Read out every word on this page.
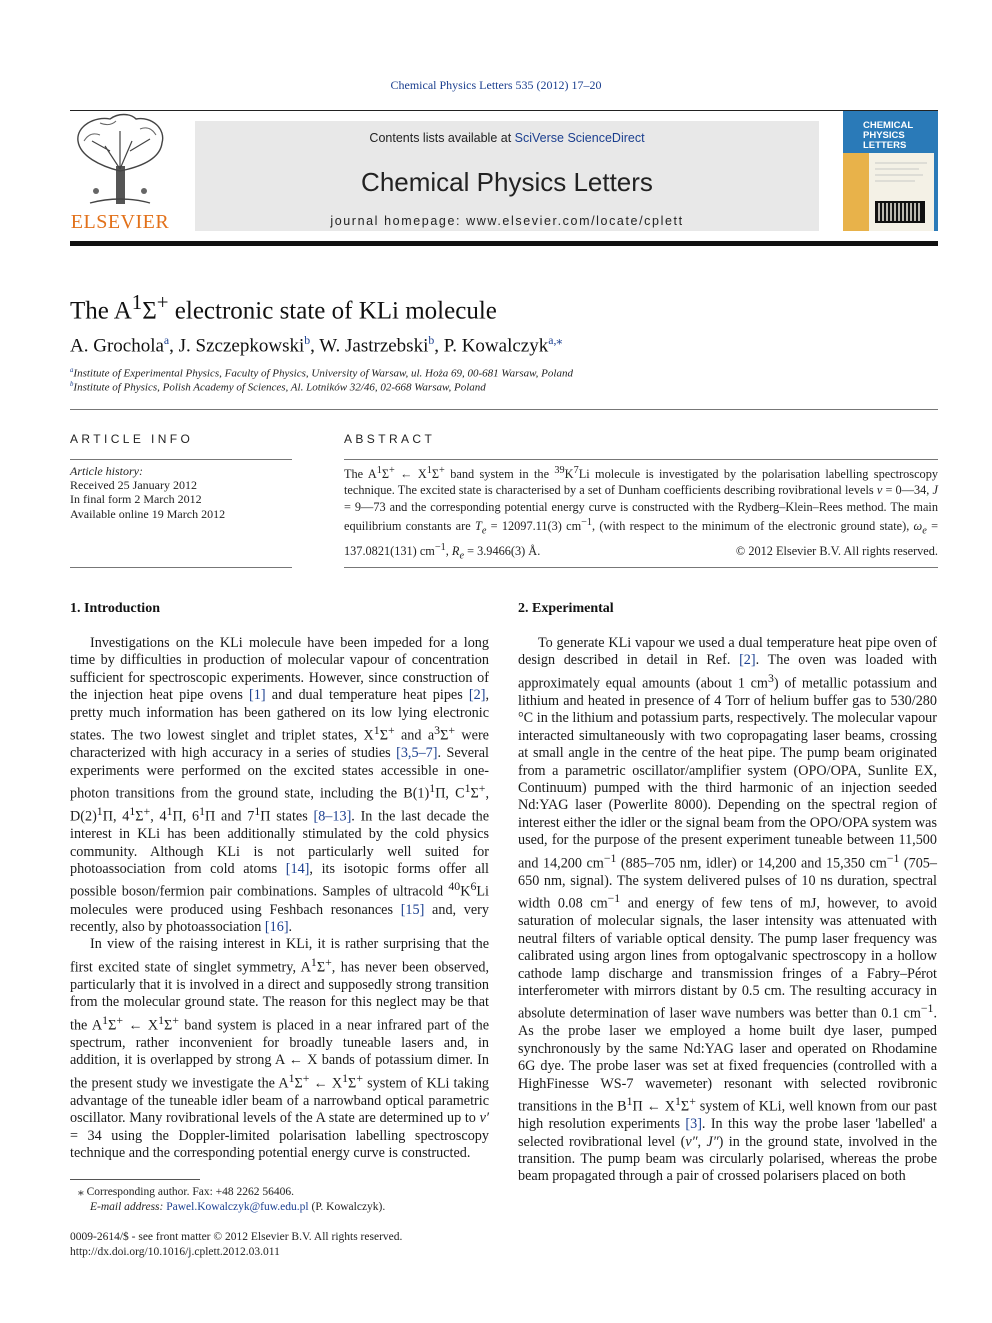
Chemical Physics Letters 535 (2012) 17–20
ELSEVIER
Contents lists available at SciVerse ScienceDirect
Chemical Physics Letters
journal homepage: www.elsevier.com/locate/cplett
CHEMICAL PHYSICS LETTERS
The $A^1\Sigma^+$ electronic state of KLi molecule
A. Grochola$^a$, J. Szczepkowski$^b$, W. Jastrzebski$^b$, P. Kowalczyk$^{a,⁎}$
$^a$Institute of Experimental Physics, Faculty of Physics, University of Warsaw, ul. Hoża 69, 00-681 Warsaw, Poland
$^b$Institute of Physics, Polish Academy of Sciences, Al. Lotników 32/46, 02-668 Warsaw, Poland
ARTICLE INFO
Article history:
Received 25 January 2012
In final form 2 March 2012
Available online 19 March 2012
ABSTRACT
The $A^1\Sigma^+$ ← $X^1\Sigma^+$ band system in the $^{39}K^7Li$ molecule is investigated by the polarisation labelling spectroscopy technique. The excited state is characterised by a set of Dunham coefficients describing rovibrational levels v = 0—34, J = 9—73 and the corresponding potential energy curve is constructed with the Rydberg–Klein–Rees method. The main equilibrium constants are $T_e = 12097.11(3)$ $cm^{-1}$, (with respect to the minimum of the electronic ground state), $\omega_e = 137.0821(131)$ $cm^{-1}$, $R_e = 3.9466(3)$ Å.	© 2012 Elsevier B.V. All rights reserved.
1. Introduction

Investigations on the KLi molecule have been impeded for a long time by difficulties in production of molecular vapour of concentration sufficient for spectroscopic experiments. However, since construction of the injection heat pipe ovens [1] and dual temperature heat pipes [2], pretty much information has been gathered on its low lying electronic states. The two lowest singlet and triplet states, $X^1\Sigma^+$ and $a^3\Sigma^+$ were characterized with high accuracy in a series of studies [3,5–7]. Several experiments were performed on the excited states accessible in one-photon transitions from the ground state, including the $B(1)^1\Pi$, $C^1\Sigma^+$, $D(2)^1\Pi$, $4^1\Sigma^+$, $4^1\Pi$, $6^1\Pi$ and $7^1\Pi$ states [8–13]. In the last decade the interest in KLi has been additionally stimulated by the cold physics community. Although KLi is not particularly well suited for photoassociation from cold atoms [14], its isotopic forms offer all possible boson/fermion pair combinations. Samples of ultracold $^{40}K^6Li$ molecules were produced using Feshbach resonances [15] and, very recently, also by photoassociation [16].

In view of the raising interest in KLi, it is rather surprising that the first excited state of singlet symmetry, $A^1\Sigma^+$, has never been observed, particularly that it is involved in a direct and supposedly strong transition from the molecular ground state. The reason for this neglect may be that the $A^1\Sigma^+$ ← $X^1\Sigma^+$ band system is placed in a near infrared part of the spectrum, rather inconvenient for broadly tuneable lasers and, in addition, it is overlapped by strong A ← X bands of potassium dimer. In the present study we investigate the $A^1\Sigma^+$ ← $X^1\Sigma^+$ system of KLi taking advantage of the tuneable idler beam of a narrowband optical parametric oscillator. Many rovibrational levels of the A state are determined up to v′ = 34 using the Doppler-limited polarisation labelling spectroscopy technique and the corresponding potential energy curve is constructed.

2. Experimental

To generate KLi vapour we used a dual temperature heat pipe oven of design described in detail in Ref. [2]. The oven was loaded with approximately equal amounts (about 1 $cm^3$) of metallic potassium and lithium and heated in presence of 4 Torr of helium buffer gas to 530/280 °C in the lithium and potassium parts, respectively. The molecular vapour interacted simultaneously with two copropagating laser beams, crossing at small angle in the centre of the heat pipe. The pump beam originated from a parametric oscillator/amplifier system (OPO/OPA, Sunlite EX, Continuum) pumped with the third harmonic of an injection seeded Nd:YAG laser (Powerlite 8000). Depending on the spectral region of interest either the idler or the signal beam from the OPO/OPA system was used, for the purpose of the present experiment tuneable between 11,500 and 14,200 $cm^{-1}$ (885–705 nm, idler) or 14,200 and 15,350 $cm^{-1}$ (705–650 nm, signal). The system delivered pulses of 10 ns duration, spectral width 0.08 $cm^{-1}$ and energy of few tens of mJ, however, to avoid saturation of molecular signals, the laser intensity was attenuated with neutral filters of variable optical density. The pump laser frequency was calibrated using argon lines from optogalvanic spectroscopy in a hollow cathode lamp discharge and transmission fringes of a Fabry–Pérot interferometer with mirrors distant by 0.5 cm. The resulting accuracy in absolute determination of laser wave numbers was better than 0.1 $cm^{-1}$. As the probe laser we employed a home built dye laser, pumped synchronously by the same Nd:YAG laser and operated on Rhodamine 6G dye. The probe laser was set at fixed frequencies (controlled with a HighFinesse WS-7 wavemeter) resonant with selected rovibronic transitions in the $B^1\Pi$ ← $X^1\Sigma^+$ system of KLi, well known from our past high resolution experiments [3]. In this way the probe laser 'labelled' a selected rovibrational level (v″, J″) in the ground state, involved in the transition. The pump beam was circularly polarised, whereas the probe beam propagated through a pair of crossed polarisers placed on both

⁎ Corresponding author. Fax: +48 2262 56406.
E-mail address: Pawel.Kowalczyk@fuw.edu.pl (P. Kowalczyk).
0009-2614/$ - see front matter © 2012 Elsevier B.V. All rights reserved.
http://dx.doi.org/10.1016/j.cplett.2012.03.011
